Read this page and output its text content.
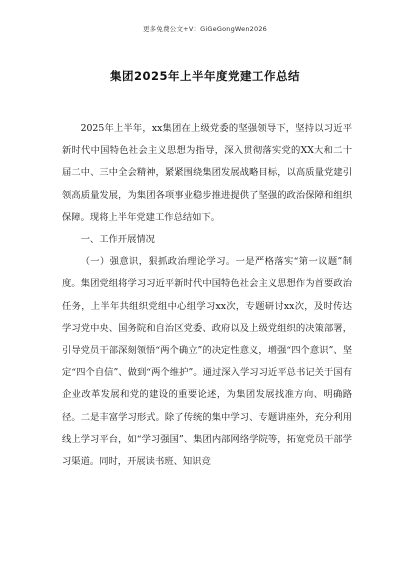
更多免费公文+V：GiGeGongWen2026
集团2025年上半年度党建工作总结

2025年上半年，xx集团在上级党委的坚强领导下，坚持以习近平新时代中国特色社会主义思想为指导，深入贯彻落实党的XX大和二十届二中、三中全会精神，紧紧围绕集团发展战略目标，以高质量党建引领高质量发展，为集团各项事业稳步推进提供了坚强的政治保障和组织保障。现将上半年党建工作总结如下。

一、工作开展情况

（一）强意识，狠抓政治理论学习。一是严格落实“第一议题”制度。集团党组将学习习近平新时代中国特色社会主义思想作为首要政治任务，上半年共组织党组中心组学习xx次，专题研讨xx次，及时传达学习党中央、国务院和自治区党委、政府以及上级党组织的决策部署，引导党员干部深刻领悟“两个确立”的决定性意义，增强“四个意识”、坚定“四个自信”、做到“两个维护”。通过深入学习习近平总书记关于国有企业改革发展和党的建设的重要论述，为集团发展找准方向、明确路径。二是丰富学习形式。除了传统的集中学习、专题讲座外，充分利用线上学习平台，如“学习强国”、集团内部网络学院等，拓宽党员干部学习渠道。同时，开展读书班、知识竞
